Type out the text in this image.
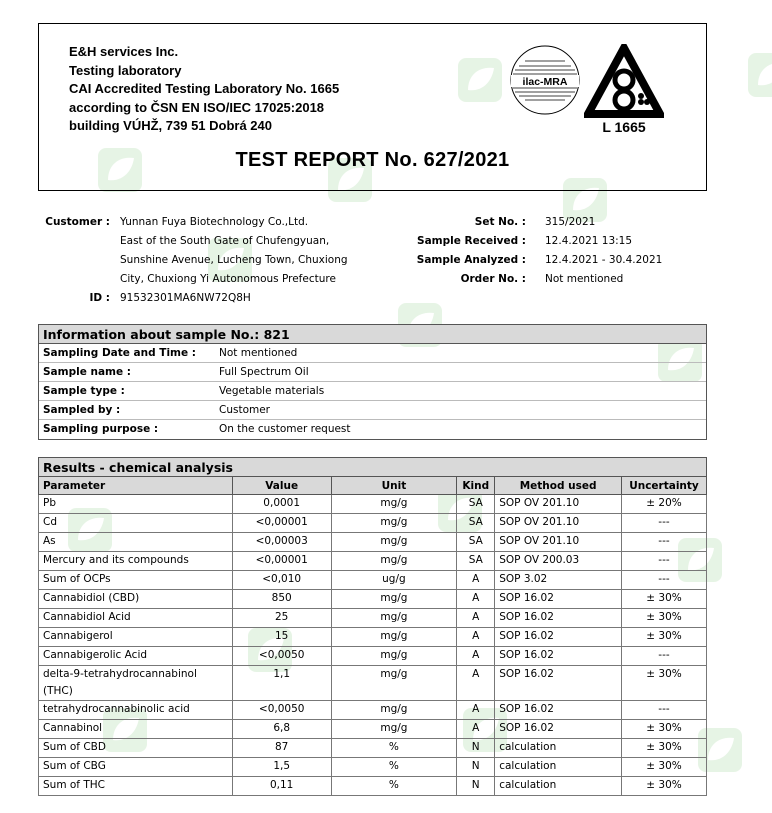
E&H services Inc.
Testing laboratory
CAI Accredited Testing Laboratory No. 1665
according to ČSN EN ISO/IEC 17025:2018
building VÚHŽ, 739 51 Dobrá 240
ilac-MRA
L 1665
TEST REPORT No. 627/2021
Customer : Yunnan Fuya Biotechnology Co.,Ltd.
East of the South Gate of Chufengyuan,
Sunshine Avenue, Lucheng Town, Chuxiong
City, Chuxiong Yi Autonomous Prefecture
ID : 91532301MA6NW72Q8H
Set No. : 315/2021
Sample Received : 12.4.2021 13:15
Sample Analyzed : 12.4.2021 - 30.4.2021
Order No. : Not mentioned
Information about sample No.: 821
Sampling Date and Time : Not mentioned
Sample name :	Full Spectrum Oil
Sample type :	Vegetable materials
Sampled by :	Customer
Sampling purpose :	On the customer request
Results - chemical analysis
Parameter	Value	Unit	Kind	Method used	Uncertainty
Pb	0,0001	mg/g	SA	SOP OV 201.10	± 20%
Cd	<0,00001	mg/g	SA	SOP OV 201.10	---
As	<0,00003	mg/g	SA	SOP OV 201.10	---
Mercury and its compounds	<0,00001	mg/g	SA	SOP OV 200.03	---
Sum of OCPs	<0,010	ug/g	A	SOP 3.02	---
Cannabidiol (CBD)	850	mg/g	A	SOP 16.02	± 30%
Cannabidiol Acid	25	mg/g	A	SOP 16.02	± 30%
Cannabigerol	15	mg/g	A	SOP 16.02	± 30%
Cannabigerolic Acid	<0,0050	mg/g	A	SOP 16.02	---
delta-9-tetrahydrocannabinol (THC)	1,1	mg/g	A	SOP 16.02	± 30%
tetrahydrocannabinolic acid	<0,0050	mg/g	A	SOP 16.02	---
Cannabinol	6,8	mg/g	A	SOP 16.02	± 30%
Sum of CBD	87	%	N	calculation	± 30%
Sum of CBG	1,5	%	N	calculation	± 30%
Sum of THC	0,11	%	N	calculation	± 30%
